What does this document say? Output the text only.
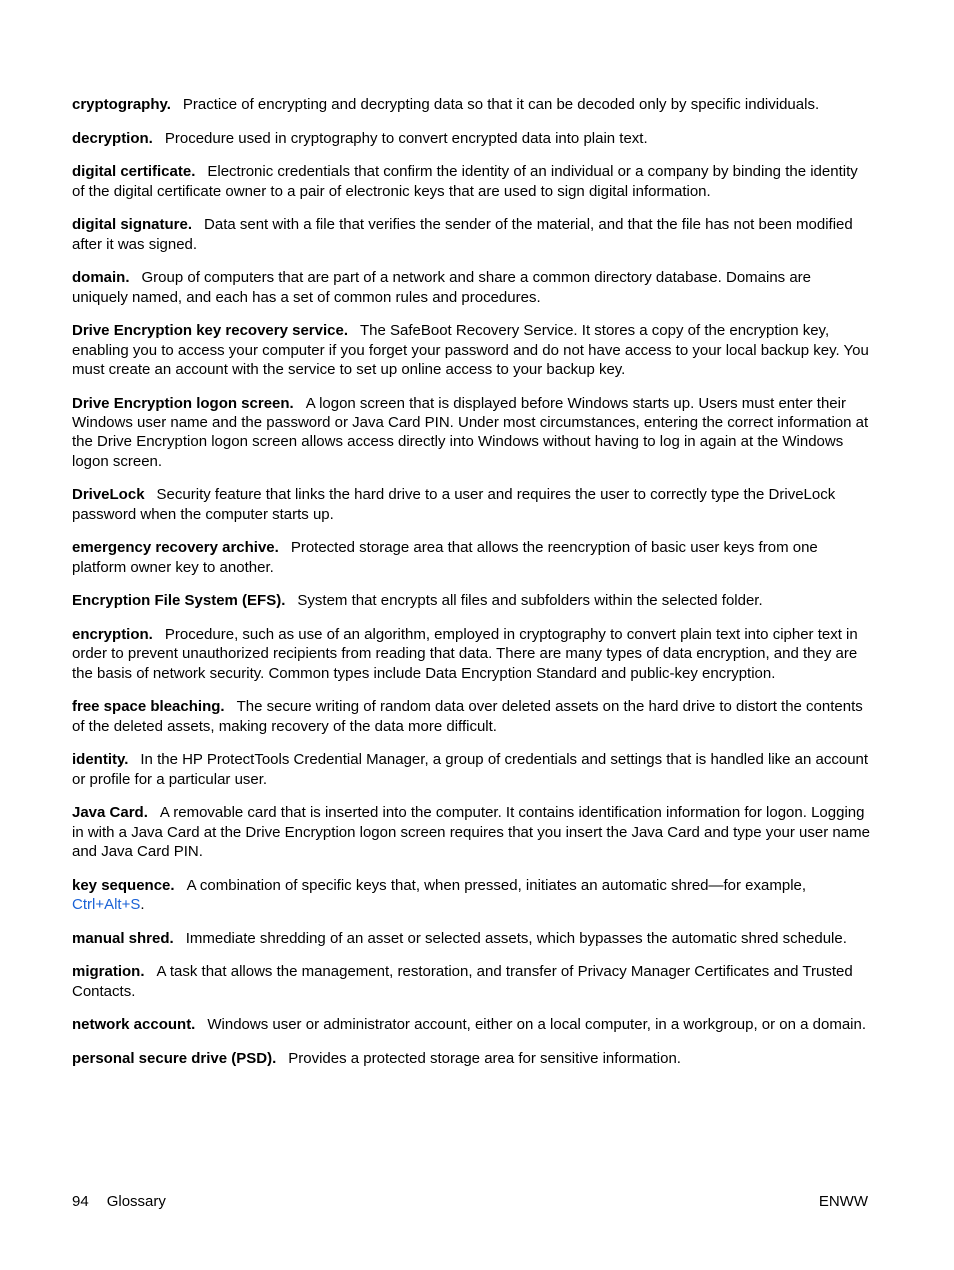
cryptography. Practice of encrypting and decrypting data so that it can be decoded only by specific individuals.

decryption. Procedure used in cryptography to convert encrypted data into plain text.

digital certificate. Electronic credentials that confirm the identity of an individual or a company by binding the identity of the digital certificate owner to a pair of electronic keys that are used to sign digital information.

digital signature. Data sent with a file that verifies the sender of the material, and that the file has not been modified after it was signed.

domain. Group of computers that are part of a network and share a common directory database. Domains are uniquely named, and each has a set of common rules and procedures.

Drive Encryption key recovery service. The SafeBoot Recovery Service. It stores a copy of the encryption key, enabling you to access your computer if you forget your password and do not have access to your local backup key. You must create an account with the service to set up online access to your backup key.

Drive Encryption logon screen. A logon screen that is displayed before Windows starts up. Users must enter their Windows user name and the password or Java Card PIN. Under most circumstances, entering the correct information at the Drive Encryption logon screen allows access directly into Windows without having to log in again at the Windows logon screen.

DriveLock Security feature that links the hard drive to a user and requires the user to correctly type the DriveLock password when the computer starts up.

emergency recovery archive. Protected storage area that allows the reencryption of basic user keys from one platform owner key to another.

Encryption File System (EFS). System that encrypts all files and subfolders within the selected folder.

encryption. Procedure, such as use of an algorithm, employed in cryptography to convert plain text into cipher text in order to prevent unauthorized recipients from reading that data. There are many types of data encryption, and they are the basis of network security. Common types include Data Encryption Standard and public-key encryption.

free space bleaching. The secure writing of random data over deleted assets on the hard drive to distort the contents of the deleted assets, making recovery of the data more difficult.

identity. In the HP ProtectTools Credential Manager, a group of credentials and settings that is handled like an account or profile for a particular user.

Java Card. A removable card that is inserted into the computer. It contains identification information for logon. Logging in with a Java Card at the Drive Encryption logon screen requires that you insert the Java Card and type your user name and Java Card PIN.

key sequence. A combination of specific keys that, when pressed, initiates an automatic shred—for example, Ctrl+Alt+S.

manual shred. Immediate shredding of an asset or selected assets, which bypasses the automatic shred schedule.

migration. A task that allows the management, restoration, and transfer of Privacy Manager Certificates and Trusted Contacts.

network account. Windows user or administrator account, either on a local computer, in a workgroup, or on a domain.

personal secure drive (PSD). Provides a protected storage area for sensitive information.

94 Glossary	ENWW
